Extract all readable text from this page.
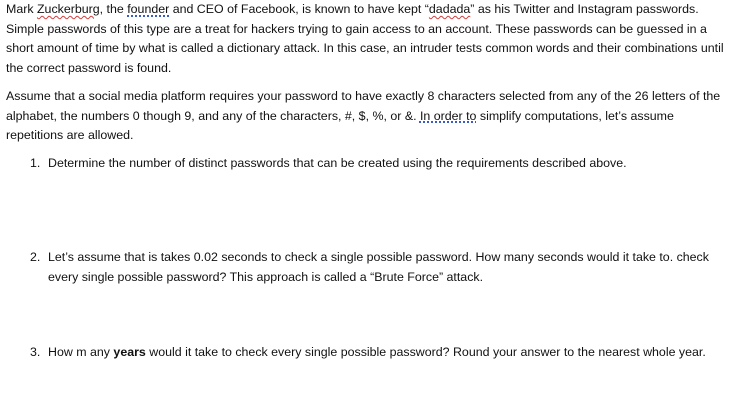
Mark Zuckerburg, the founder and CEO of Facebook, is known to have kept “dadada” as his Twitter and Instagram passwords. Simple passwords of this type are a treat for hackers trying to gain access to an account. These passwords can be guessed in a short amount of time by what is called a dictionary attack. In this case, an intruder tests common words and their combinations until the correct password is found.

Assume that a social media platform requires your password to have exactly 8 characters selected from any of the 26 letters of the alphabet, the numbers 0 though 9, and any of the characters, #, $, %, or &. In order to simplify computations, let’s assume repetitions are allowed.

1. Determine the number of distinct passwords that can be created using the requirements described above.
2. Let’s assume that is takes 0.02 seconds to check a single possible password. How many seconds would it take to. check every single possible password? This approach is called a “Brute Force” attack.
3. How m any years would it take to check every single possible password? Round your answer to the nearest whole year.
